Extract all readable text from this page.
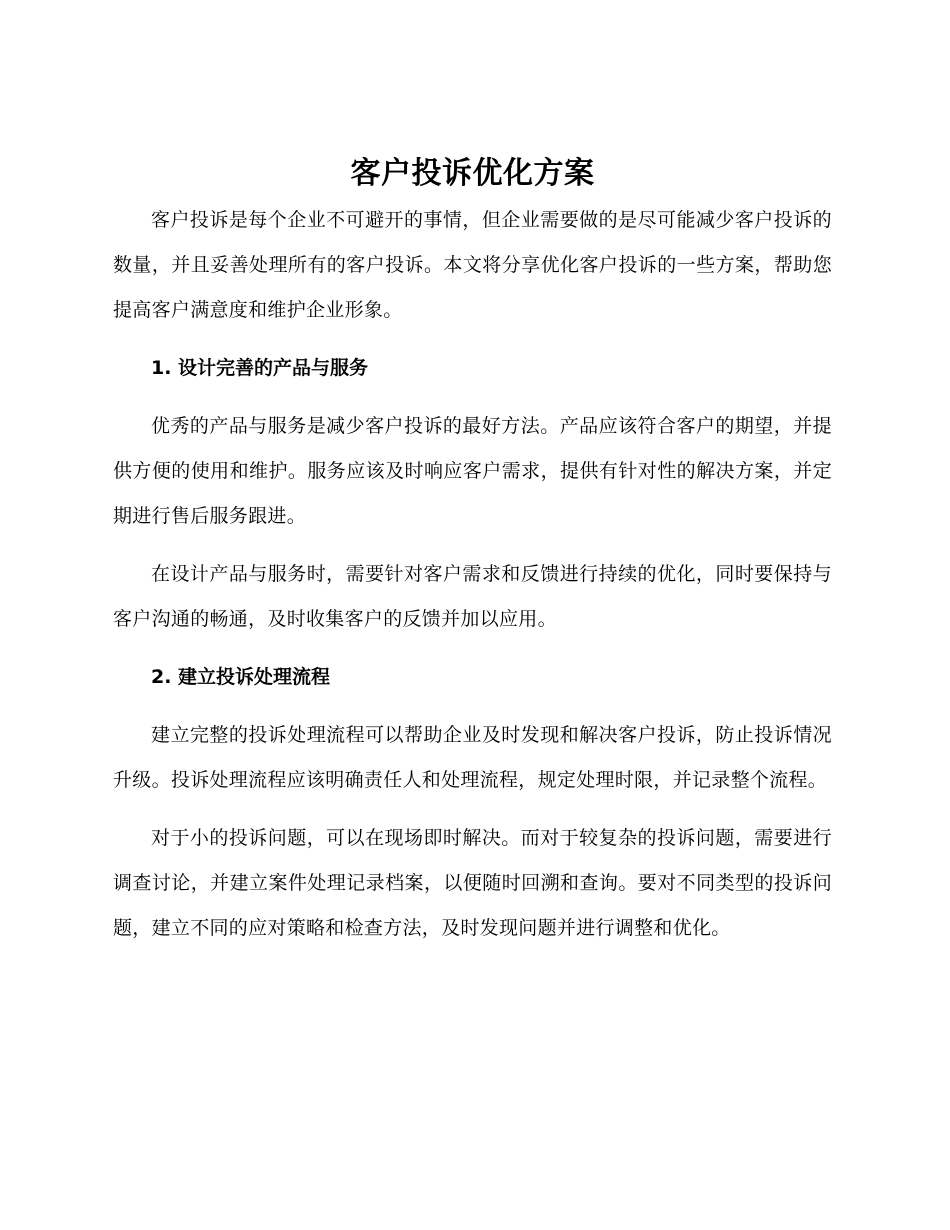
客户投诉优化方案

客户投诉是每个企业不可避开的事情，但企业需要做的是尽可能减少客户投诉的数量，并且妥善处理所有的客户投诉。本文将分享优化客户投诉的一些方案，帮助您提高客户满意度和维护企业形象。

1. 设计完善的产品与服务

优秀的产品与服务是减少客户投诉的最好方法。产品应该符合客户的期望，并提供方便的使用和维护。服务应该及时响应客户需求，提供有针对性的解决方案，并定期进行售后服务跟进。

在设计产品与服务时，需要针对客户需求和反馈进行持续的优化，同时要保持与客户沟通的畅通，及时收集客户的反馈并加以应用。

2. 建立投诉处理流程

建立完整的投诉处理流程可以帮助企业及时发现和解决客户投诉，防止投诉情况升级。投诉处理流程应该明确责任人和处理流程，规定处理时限，并记录整个流程。

对于小的投诉问题，可以在现场即时解决。而对于较复杂的投诉问题，需要进行调查讨论，并建立案件处理记录档案，以便随时回溯和查询。要对不同类型的投诉问题，建立不同的应对策略和检查方法，及时发现问题并进行调整和优化。
